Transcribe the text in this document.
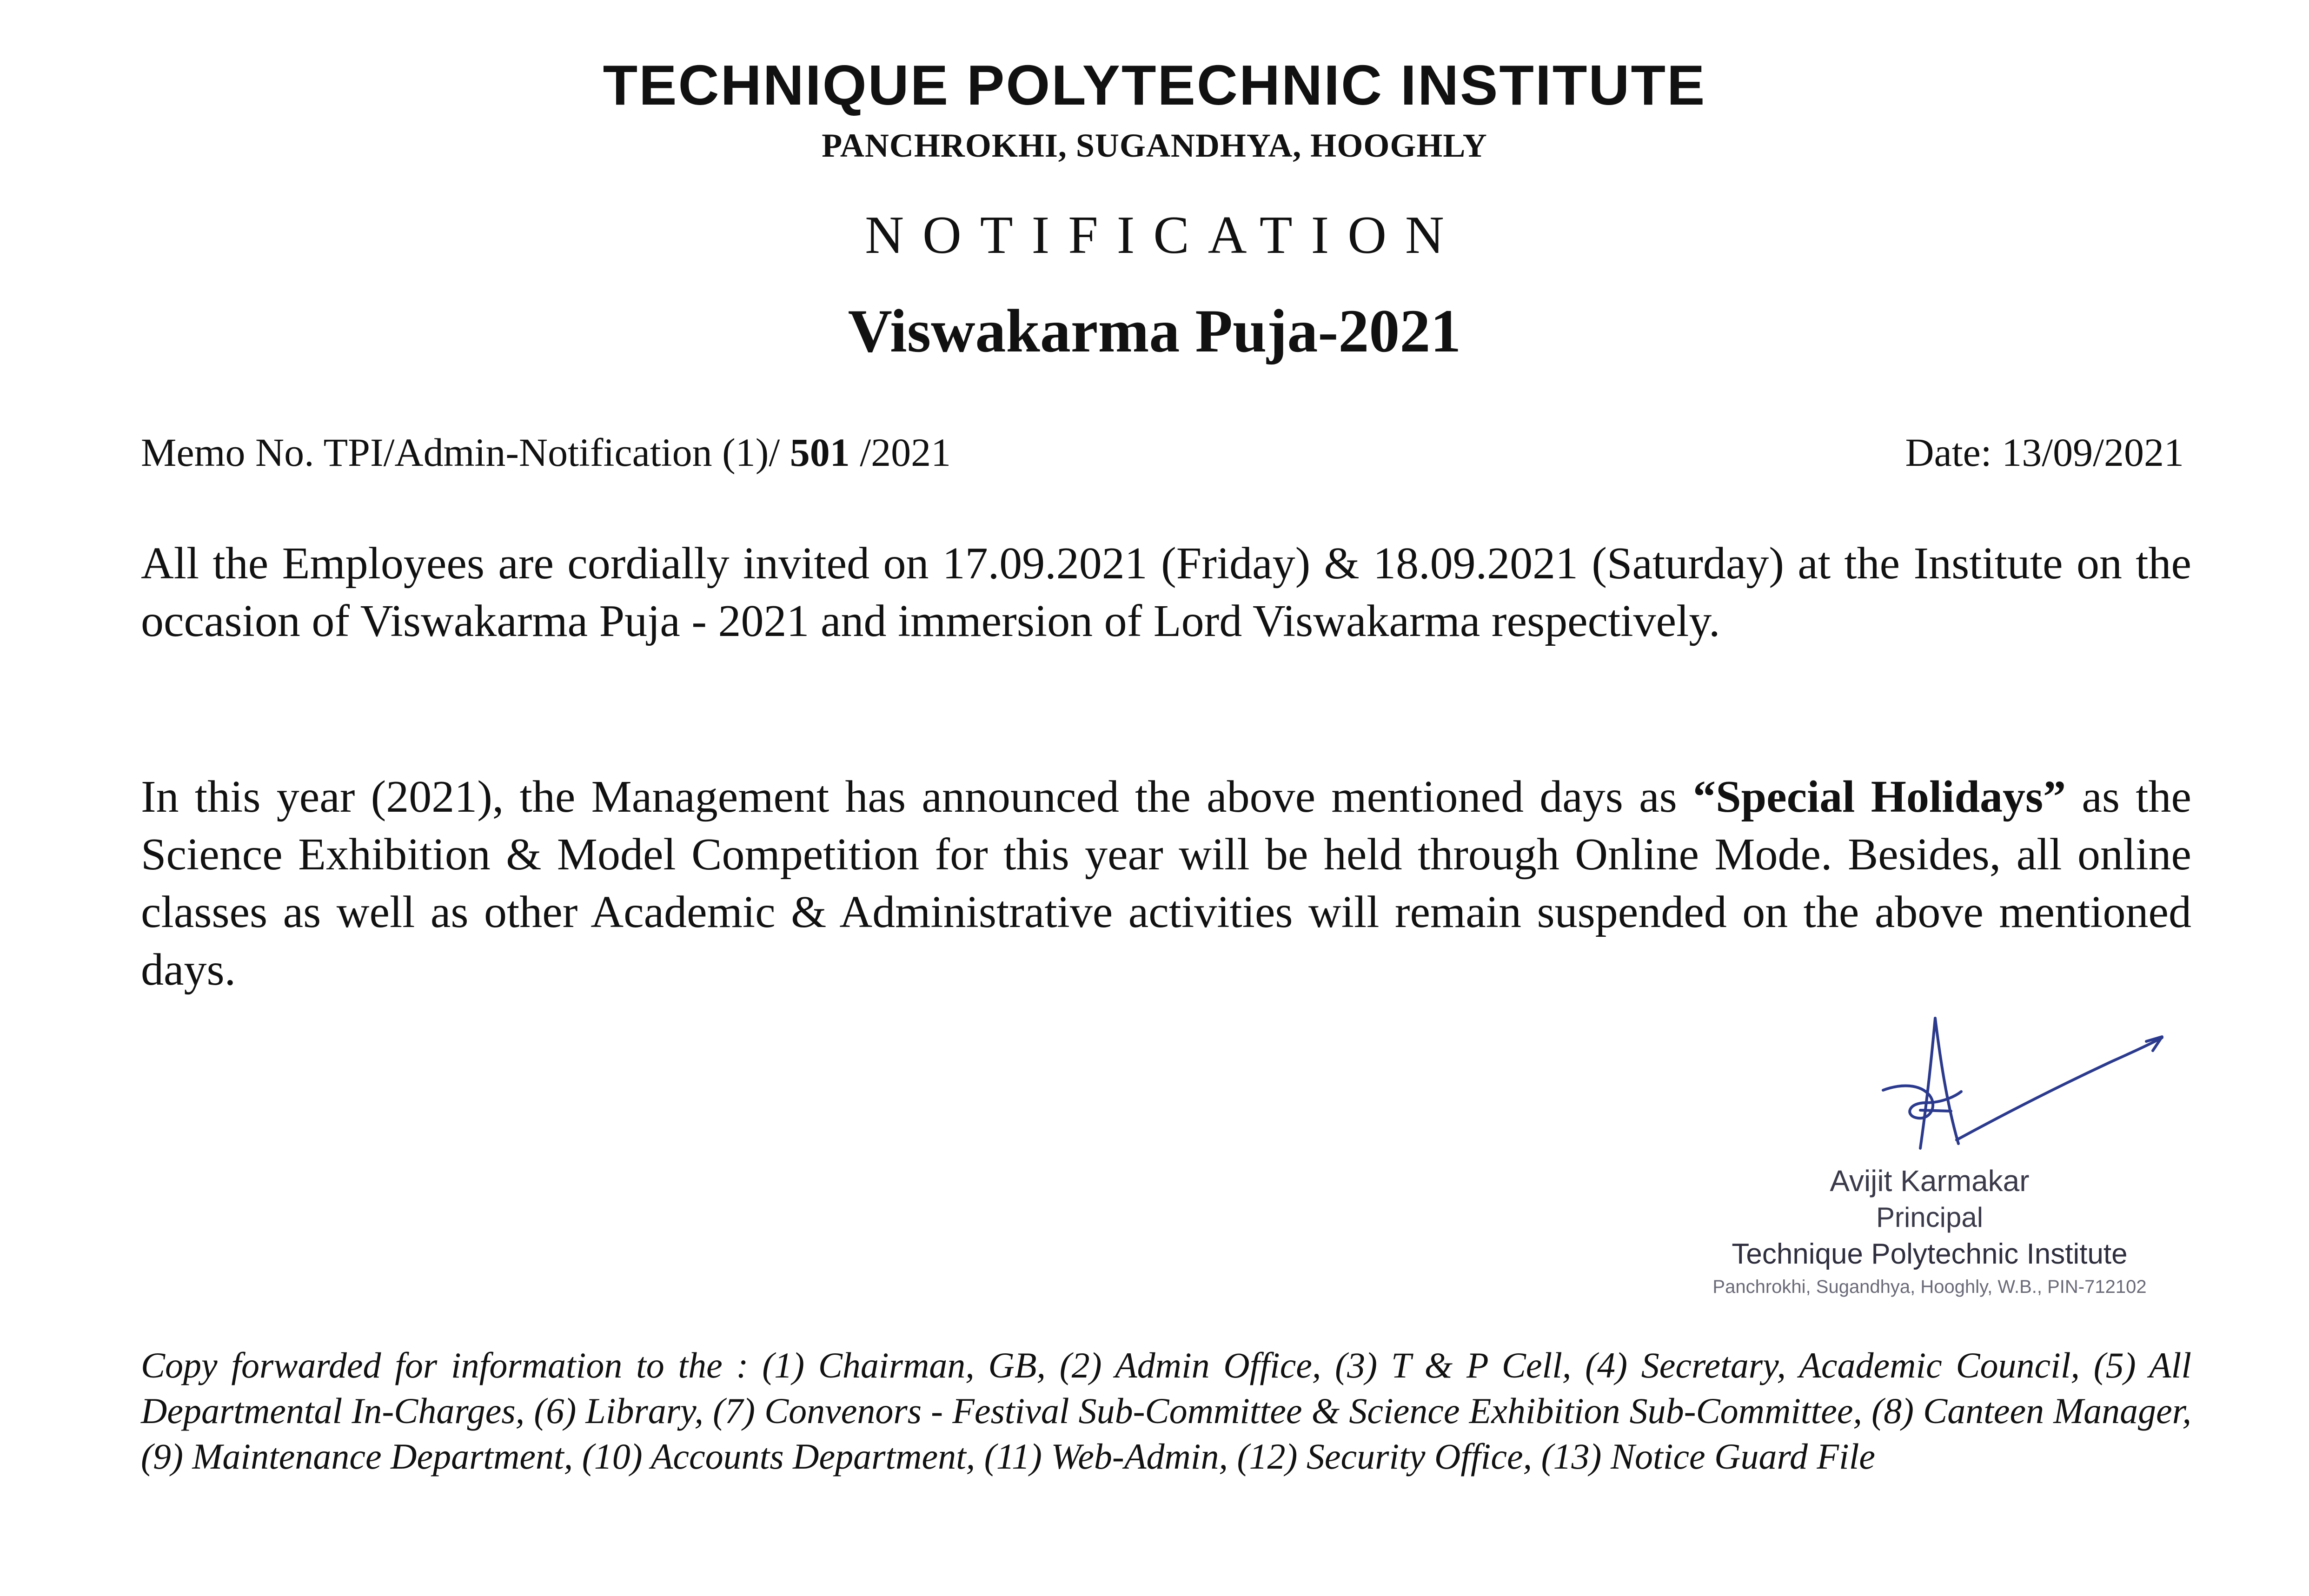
TECHNIQUE POLYTECHNIC INSTITUTE
PANCHROKHI, SUGANDHYA, HOOGHLY
NOTIFICATION
Viswakarma Puja-2021
Memo No. TPI/Admin-Notification (1)/ 501 /2021	Date: 13/09/2021

All the Employees are cordially invited on 17.09.2021 (Friday) & 18.09.2021 (Saturday) at the Institute on the occasion of Viswakarma Puja - 2021 and immersion of Lord Viswakarma respectively.

In this year (2021), the Management has announced the above mentioned days as “Special Holidays” as the Science Exhibition & Model Competition for this year will be held through Online Mode. Besides, all online classes as well as other Academic & Administrative activities will remain suspended on the above mentioned days.

Avijit Karmakar
Principal
Technique Polytechnic Institute
Panchrokhi, Sugandhya, Hooghly, W.B., PIN-712102

Copy forwarded for information to the : (1) Chairman, GB, (2) Admin Office, (3) T & P Cell, (4) Secretary, Academic Council, (5) All Departmental In-Charges, (6) Library, (7) Convenors - Festival Sub-Committee & Science Exhibition Sub-Committee, (8) Canteen Manager, (9) Maintenance Department, (10) Accounts Department, (11) Web-Admin, (12) Security Office, (13) Notice Guard File
